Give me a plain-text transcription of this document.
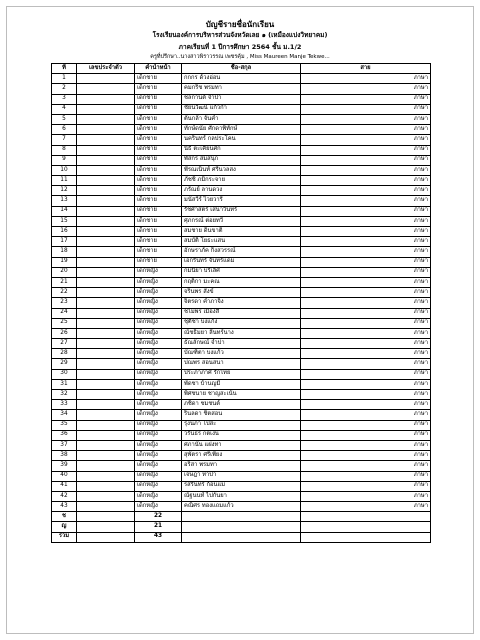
บัญชีรายชื่อนักเรียน
โรงเรียนองค์การบริหารส่วนจังหวัดเลย ๑ (เหมืองแบ่งวิทยาคม)
ภาคเรียนที่ 1 ปีการศึกษา 2564 ชั้น ม.1/2
ครูที่ปรึกษา..นางสาวพิราวรรณ เพชรคุ้ม , Miss Maureen Manje Tekwe...
ที่	เลขประจำตัว	คำนำหน้า	ชื่อ-สกุล	สาย
1		เด็กชาย	กกกร ด้วงอ่อน	ภาษา
2		เด็กชาย	คมกริช พรมทา	ภาษา
3		เด็กชาย	ชลกานต์ จำปา	ภาษา
4		เด็กชาย	ชัยนวัฒน์ แก้วกำ	ภาษา
5		เด็กชาย	ต้นกล้า จันคำ	ภาษา
6		เด็กชาย	ทักษ์ดนัย ศักดาพิทักษ์	ภาษา
7		เด็กชาย	นครินทร์ กลประโคน	ภาษา
8		เด็กชาย	นิธิ ตะเคียนศก	ภาษา
9		เด็กชาย	พัสกร สมสนุก	ภาษา
10		เด็กชาย	พีรณเนินท์ ศรีนวลสง	ภาษา
11		เด็กชาย	ภัชชิ ภมิกระจาย	ภาษา
12		เด็กชาย	ภรัณย์ ลานดวง	ภาษา
13		เด็กชาย	มนัสวีร์ ไวยวารี	ภาษา
14		เด็กชาย	รัชศาสตร์ เสนาวินทร์	ภาษา
15		เด็กชาย	ศุภกรณ์ ต่อยทวี	ภาษา
16		เด็กชาย	สมชาย ดินขาติ	ภาษา
17		เด็กชาย	สมบัติ โยธะแสน	ภาษา
18		เด็กชาย	อักษราภัค กิ่งสวรรณ์	ภาษา
19		เด็กชาย	เอกรินทร์ จันทร์แดม	ภาษา
20		เด็กหญิง	กมนียา บริเลิศ	ภาษา
21		เด็กหญิง	กฤติกา มะคณ	ภาษา
22		เด็กหญิง	จรินพร สังข์	ภาษา
23		เด็กหญิง	จิตรดา คำภาจิง	ภาษา
24		เด็กหญิง	ชไมพร เมืองสี	ภาษา
25		เด็กหญิง	ชุติชา บงแก้ง	ภาษา
26		เด็กหญิง	ณัชธิมยา ลีนทร์นาง	ภาษา
27		เด็กหญิง	ธัณลักษณ์ จำปา	ภาษา
28		เด็กหญิง	บัณฑิตา บงแก้ว	ภาษา
29		เด็กหญิง	ปณพร สอนสนา	ภาษา
30		เด็กหญิง	ประภาภาศ รักไทย	ภาษา
31		เด็กหญิง	พัดชา บ้านญมี	ภาษา
32		เด็กหญิง	พิศชนาย ชาญสะเน้น	ภาษา
33		เด็กหญิง	ภชิดา ชมชนต์	ภาษา
34		เด็กหญิง	รินลดา ชิตสอน	ภาษา
35		เด็กหญิง	รุ่งนภา โปสะ	ภาษา
36		เด็กหญิง	วรันธร กตเง่น	ภาษา
37		เด็กหญิง	ศภานัน แฝงทา	ภาษา
38		เด็กหญิง	สุพัตรา ศรีเพียง	ภาษา
39		เด็กหญิง	อริสา พรมทา	ภาษา
40		เด็กหญิง	เจษฎา ทาปา	ภาษา
41		เด็กหญิง	รสรินทร์ ก้อนแม่	ภาษา
42		เด็กหญิง	ณัฐนนท์ ไปกันยา	ภาษา
43		เด็กหญิง	คณิศร ทองแถมแก้ว	ภาษา
ช		22		
ญ		21		
รวม		43		
